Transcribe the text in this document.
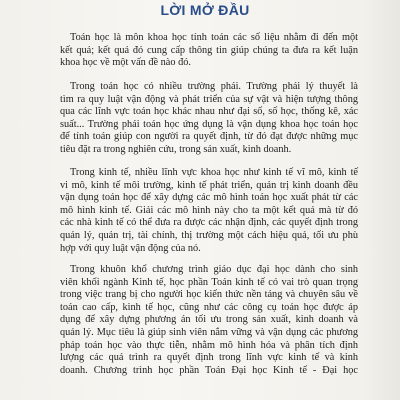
LỜI MỞ ĐẦU
Toán học là môn khoa học tính toán các số liệu nhằm đi đến một
kết quả; kết quả đó cung cấp thông tin giúp chúng ta đưa ra kết luận
khoa học về một vấn đề nào đó.
Trong toán học có nhiều trường phái. Trường phái lý thuyết là
tìm ra quy luật vận động và phát triển của sự vật và hiện tượng thông
qua các lĩnh vực toán học khác nhau như đại số, số học, thống kê, xác
suất... Trường phái toán học ứng dụng là vận dụng khoa học toán học
để tính toán giúp con người ra quyết định, từ đó đạt được những mục
tiêu đặt ra trong nghiên cứu, trong sản xuất, kinh doanh.
Trong kinh tế, nhiều lĩnh vực khoa học như kinh tế vĩ mô, kinh tế
vi mô, kinh tế môi trường, kinh tế phát triển, quản trị kinh doanh đều
vận dụng toán học để xây dựng các mô hình toán học xuất phát từ các
mô hình kinh tế. Giải các mô hình này cho ta một kết quả mà từ đó
các nhà kinh tế có thể đưa ra được các nhận định, các quyết định trong
quản lý, quản trị, tài chính, thị trường một cách hiệu quả, tối ưu phù
hợp với quy luật vận động của nó.
Trong khuôn khổ chương trình giáo dục đại học dành cho sinh
viên khối ngành Kinh tế, học phần Toán kinh tế có vai trò quan trọng
trong việc trang bị cho người học kiến thức nền tảng và chuyên sâu về
toán cao cấp, kinh tế học, cũng như các công cụ toán học được áp
dụng để xây dựng phương án tối ưu trong sản xuất, kinh doanh và
quản lý. Mục tiêu là giúp sinh viên nắm vững và vận dụng các phương
pháp toán học vào thực tiễn, nhằm mô hình hóa và phân tích định
lượng các quá trình ra quyết định trong lĩnh vực kinh tế và kinh
doanh. Chương trình học phần Toán Đại học Kinh tế - Đại học
